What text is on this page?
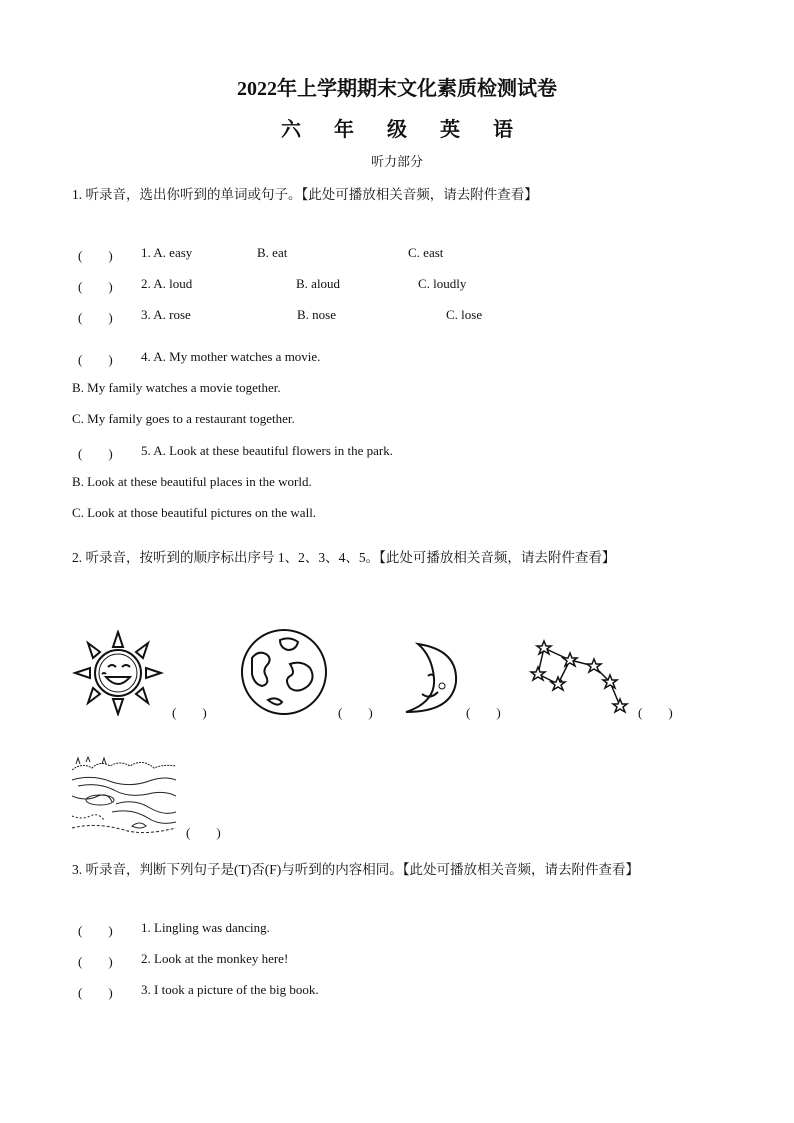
2022年上学期期末文化素质检测试卷
六 年 级 英 语
听力部分
1. 听录音，选出你听到的单词或句子。【此处可播放相关音频，请去附件查看】
(　　) 1. A. easy	B. eat	C. east
(　　) 2. A. loud	B. aloud	C. loudly
(　　) 3. A. rose	B. nose	C. lose
(　　) 4. A. My mother watches a movie.
B. My family watches a movie together.
C. My family goes to a restaurant together.
(　　) 5. A. Look at these beautiful flowers in the park.
B. Look at these beautiful places in the world.
C. Look at those beautiful pictures on the wall.
2. 听录音，按听到的顺序标出序号 1、2、3、4、5。【此处可播放相关音频，请去附件查看】
(　　)	(　　)	(　　)	(　　)
(　　)
3. 听录音，判断下列句子是(T)否(F)与听到的内容相同。【此处可播放相关音频，请去附件查看】
(　　) 1. Lingling was dancing.
(　　) 2. Look at the monkey here!
(　　) 3. I took a picture of the big book.
